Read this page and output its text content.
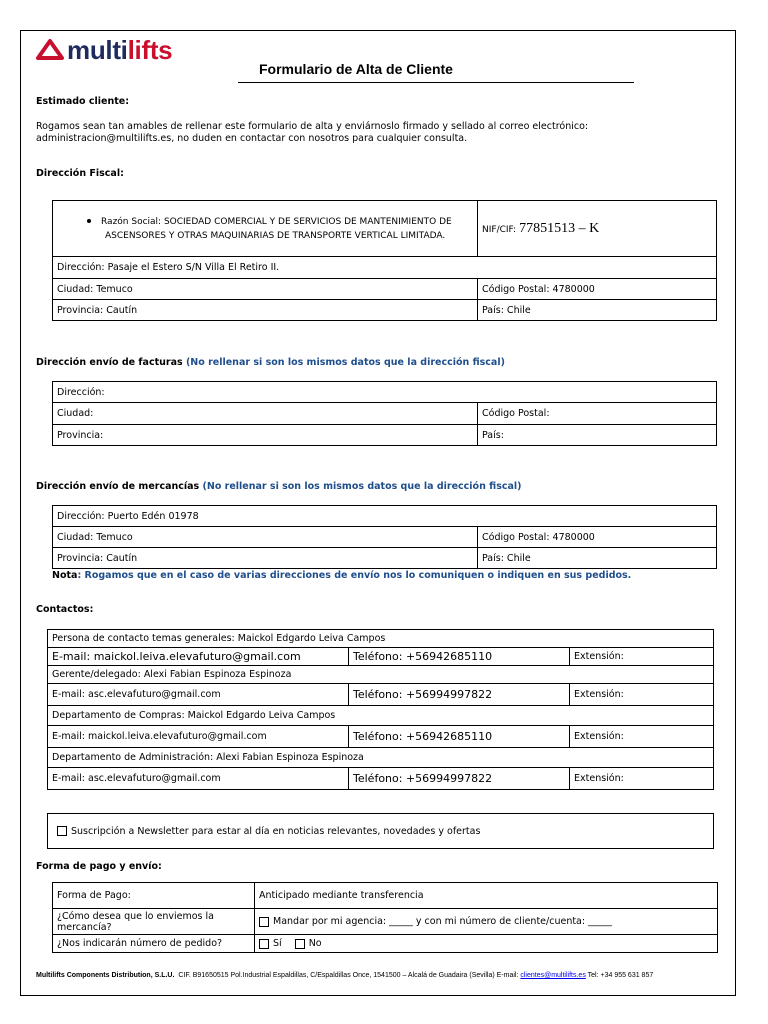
multilifts
Formulario de Alta de Cliente
Estimado cliente:
Rogamos sean tan amables de rellenar este formulario de alta y enviárnoslo firmado y sellado al correo electrónico:
administracion@multilifts.es, no duden en contactar con nosotros para cualquier consulta.
Dirección Fiscal:
Razón Social: SOCIEDAD COMERCIAL Y DE SERVICIOS DE MANTENIMIENTO DE
ASCENSORES Y OTRAS MAQUINARIAS DE TRANSPORTE VERTICAL LIMITADA.	NIF/CIF: 77851513 – K
Dirección: Pasaje el Estero S/N Villa El Retiro II.	
Ciudad: Temuco	Código Postal: 4780000
Provincia: Cautín	País: Chile
Dirección envío de facturas (No rellenar si son los mismos datos que la dirección fiscal)
Dirección:	
Ciudad:	Código Postal:
Provincia:	País:
Dirección envío de mercancías (No rellenar si son los mismos datos que la dirección fiscal)
Dirección: Puerto Edén 01978	
Ciudad: Temuco	Código Postal: 4780000
Provincia: Cautín	País: Chile
Nota: Rogamos que en el caso de varias direcciones de envío nos lo comuniquen o indiquen en sus pedidos.
Contactos:
Persona de contacto temas generales: Maickol Edgardo Leiva Campos		
E-mail: maickol.leiva.elevafuturo@gmail.com	Teléfono: +56942685110	Extensión:
Gerente/delegado: Alexi Fabian Espinoza Espinoza		
E-mail: asc.elevafuturo@gmail.com	Teléfono: +56994997822	Extensión:
Departamento de Compras: Maickol Edgardo Leiva Campos		
E-mail: maickol.leiva.elevafuturo@gmail.com	Teléfono: +56942685110	Extensión:
Departamento de Administración: Alexi Fabian Espinoza Espinoza		
E-mail: asc.elevafuturo@gmail.com	Teléfono: +56994997822	Extensión:
Suscripción a Newsletter para estar al día en noticias relevantes, novedades y ofertas
Forma de pago y envío:
Forma de Pago:	Anticipado mediante transferencia
¿Cómo desea que lo enviemos la
mercancía?	Mandar por mi agencia: _____ y con mi número de cliente/cuenta: _____
¿Nos indicarán número de pedido?	Sí No
Multilifts Components Distribution, S.L.U. CIF. B91650515 Pol.Industrial Espaldillas, C/Espaldillas Once, 1541500 – Alcalá de Guadaira (Sevilla) E-mail: clientes@multilifts.es Tel: +34 955 631 857
